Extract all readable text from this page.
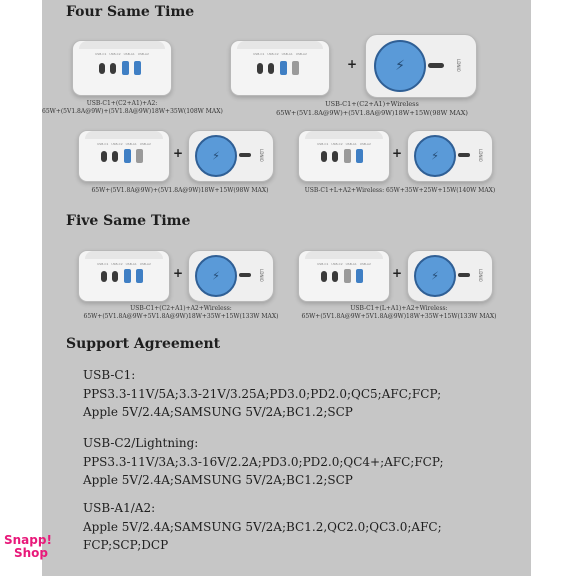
Four Same Time
USB-C1 USB-C2 USB-A1 USB-A2
USB-C1+(C2+A1)+A2:
65W+(5V1.8A@9W)+(5V1.8A@9W)18W+35W(108W MAX)
USB-C1 USB-C2 USB-A1 USB-A2
+	⚡	LDNIO
USB-C1+(C2+A1)+Wireless
65W+(5V1.8A@9W)+(5V1.8A@9W)18W+15W(98W MAX)
USB-C1 USB-C2 USB-A1 USB-A2
+	⚡	LDNIO
65W+(5V1.8A@9W)+(5V1.8A@9W)18W+15W(98W MAX)
USB-C1 USB-C2 USB-A1 USB-A2
+	⚡	LDNIO
USB-C1+L+A2+Wireless: 65W+35W+25W+15W(140W MAX)
Five Same Time
USB-C1 USB-C2 USB-A1 USB-A2
+	⚡	LDNIO
USB-C1+(C2+A1)+A2+Wireless:
65W+(5V1.8A@9W+5V1.8A@9W)18W+35W+15W(133W MAX)
USB-C1 USB-C2 USB-A1 USB-A2
+	⚡	LDNIO
USB-C1+(L+A1)+A2+Wireless:
65W+(5V1.8A@9W+5V1.8A@9W)18W+35W+15W(133W MAX)
Support Agreement
USB-C1:
PPS3.3-11V/5A;3.3-21V/3.25A;PD3.0;PD2.0;QC5;AFC;FCP;
Apple 5V/2.4A;SAMSUNG 5V/2A;BC1.2;SCP
USB-C2/Lightning:
PPS3.3-11V/3A;3.3-16V/2.2A;PD3.0;PD2.0;QC4+;AFC;FCP;
Apple 5V/2.4A;SAMSUNG 5V/2A;BC1.2;SCP
USB-A1/A2:
Apple 5V/2.4A;SAMSUNG 5V/2A;BC1.2,QC2.0;QC3.0;AFC;
FCP;SCP;DCP
Snapp!
Shop
